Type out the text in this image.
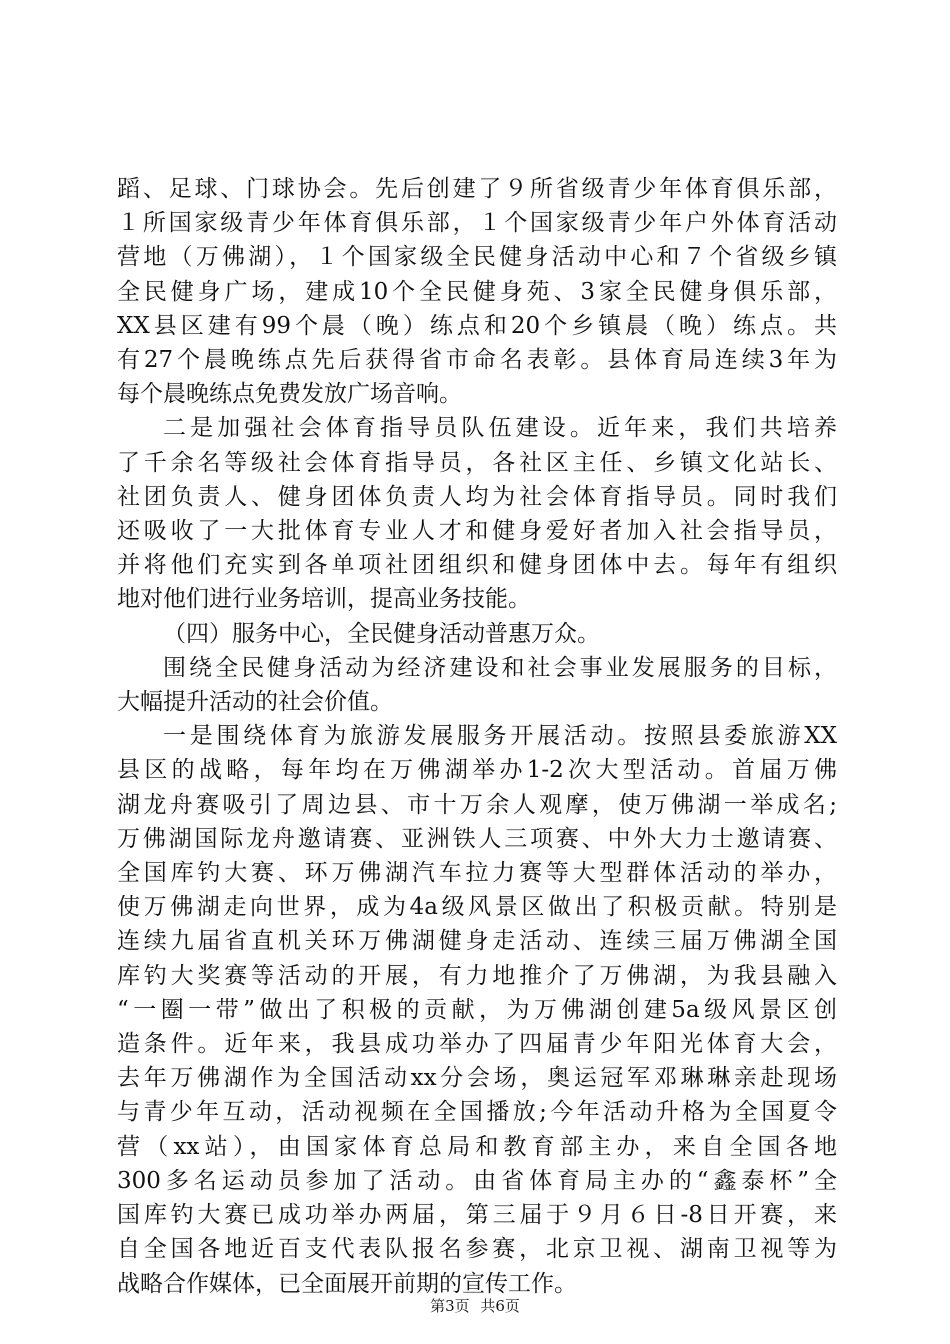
蹈、足球、门球协会。先后创建了９所省级青少年体育俱乐部，
１所国家级青少年体育俱乐部，１个国家级青少年户外体育活动
营地（万佛湖），１个国家级全民健身活动中心和７个省级乡镇
全民健身广场，建成10个全民健身苑、3家全民健身俱乐部，
XX县区建有99个晨（晚）练点和20个乡镇晨（晚）练点。共
有27个晨晚练点先后获得省市命名表彰。县体育局连续3年为
每个晨晚练点免费发放广场音响。
二是加强社会体育指导员队伍建设。近年来，我们共培养
了千余名等级社会体育指导员，各社区主任、乡镇文化站长、
社团负责人、健身团体负责人均为社会体育指导员。同时我们
还吸收了一大批体育专业人才和健身爱好者加入社会指导员，
并将他们充实到各单项社团组织和健身团体中去。每年有组织
地对他们进行业务培训，提高业务技能。
（四）服务中心，全民健身活动普惠万众。
围绕全民健身活动为经济建设和社会事业发展服务的目标，
大幅提升活动的社会价值。
一是围绕体育为旅游发展服务开展活动。按照县委旅游XX
县区的战略，每年均在万佛湖举办1-2次大型活动。首届万佛
湖龙舟赛吸引了周边县、市十万余人观摩，使万佛湖一举成名;
万佛湖国际龙舟邀请赛、亚洲铁人三项赛、中外大力士邀请赛、
全国库钓大赛、环万佛湖汽车拉力赛等大型群体活动的举办，
使万佛湖走向世界，成为4a级风景区做出了积极贡献。特别是
连续九届省直机关环万佛湖健身走活动、连续三届万佛湖全国
库钓大奖赛等活动的开展，有力地推介了万佛湖，为我县融入
“一圈一带”做出了积极的贡献，为万佛湖创建5a级风景区创
造条件。近年来，我县成功举办了四届青少年阳光体育大会，
去年万佛湖作为全国活动xx分会场，奥运冠军邓琳琳亲赴现场
与青少年互动，活动视频在全国播放;今年活动升格为全国夏令
营（xx站），由国家体育总局和教育部主办，来自全国各地
300多名运动员参加了活动。由省体育局主办的“鑫泰杯”全
国库钓大赛已成功举办两届，第三届于９月６日-8日开赛，来
自全国各地近百支代表队报名参赛，北京卫视、湖南卫视等为
战略合作媒体，已全面展开前期的宣传工作。
第3页 共6页
